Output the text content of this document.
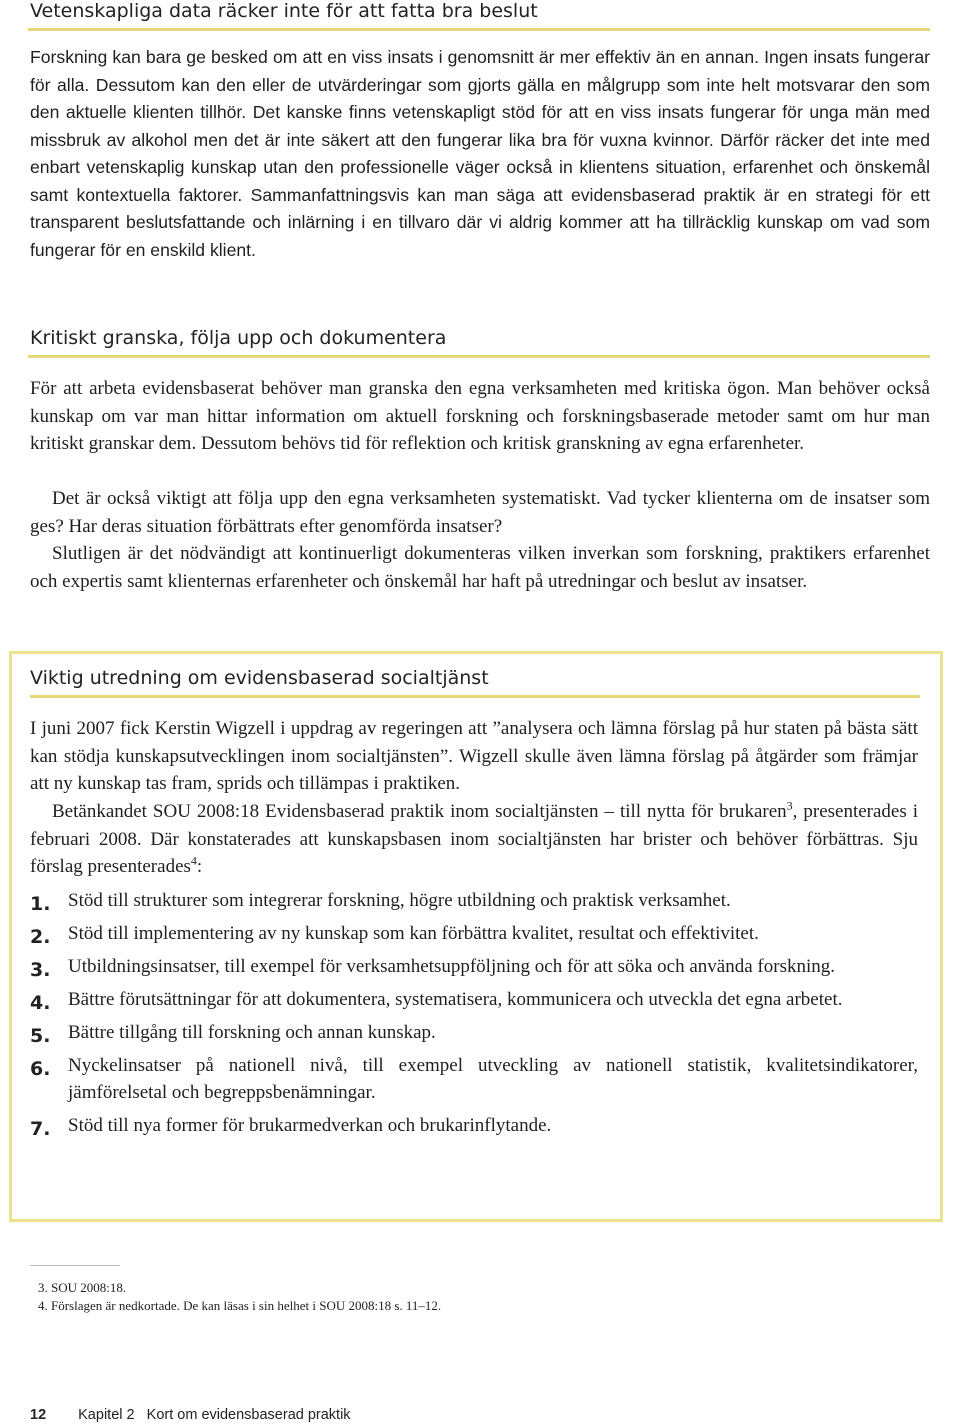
Vetenskapliga data räcker inte för att fatta bra beslut

Forskning kan bara ge besked om att en viss insats i genomsnitt är mer effektiv än en annan. Ingen insats fungerar för alla. Dessutom kan den eller de utvärderingar som gjorts gälla en målgrupp som inte helt motsvarar den som den aktuelle klienten tillhör. Det kanske finns vetenskapligt stöd för att en viss insats fungerar för unga män med missbruk av alkohol men det är inte säkert att den fungerar lika bra för vuxna kvinnor. Därför räcker det inte med enbart vetenskaplig kunskap utan den professionelle väger också in klientens situation, erfarenhet och önskemål samt kontextuella faktorer. Sammanfattningsvis kan man säga att evidensbaserad praktik är en strategi för ett transparent beslutsfattande och inlärning i en tillvaro där vi aldrig kommer att ha tillräcklig kunskap om vad som fungerar för en enskild klient.

Kritiskt granska, följa upp och dokumentera

För att arbeta evidensbaserat behöver man granska den egna verksamheten med kritiska ögon. Man behöver också kunskap om var man hittar information om aktuell forskning och forskningsbaserade metoder samt om hur man kritiskt granskar dem. Dessutom behövs tid för reflektion och kritisk granskning av egna erfarenheter.

Det är också viktigt att följa upp den egna verksamheten systematiskt. Vad tycker klienterna om de insatser som ges? Har deras situation förbättrats efter genomförda insatser?

Slutligen är det nödvändigt att kontinuerligt dokumenteras vilken inverkan som forskning, praktikers erfarenhet och expertis samt klienternas erfarenheter och önskemål har haft på utredningar och beslut av insatser.

Viktig utredning om evidensbaserad socialtjänst

I juni 2007 fick Kerstin Wigzell i uppdrag av regeringen att ”analysera och lämna förslag på hur staten på bästa sätt kan stödja kunskapsutvecklingen inom socialtjänsten”. Wigzell skulle även lämna förslag på åtgärder som främjar att ny kunskap tas fram, sprids och tillämpas i praktiken.

Betänkandet SOU 2008:18 Evidensbaserad praktik inom socialtjänsten – till nytta för brukaren$^3$, presenterades i februari 2008. Där konstaterades att kunskapsbasen inom socialtjänsten har brister och behöver förbättras. Sju förslag presenterades$^4$:

1. Stöd till strukturer som integrerar forskning, högre utbildning och praktisk verksamhet.
2. Stöd till implementering av ny kunskap som kan förbättra kvalitet, resultat och effektivitet.
3. Utbildningsinsatser, till exempel för verksamhetsuppföljning och för att söka och använda forskning.
4. Bättre förutsättningar för att dokumentera, systematisera, kommunicera och utveckla det egna arbetet.
5. Bättre tillgång till forskning och annan kunskap.
6. Nyckelinsatser på nationell nivå, till exempel utveckling av nationell statistik, kvalitetsindikatorer, jämförelsetal och begreppsbenämningar.
7. Stöd till nya former för brukarmedverkan och brukarinflytande.
3. SOU 2008:18.
4. Förslagen är nedkortade. De kan läsas i sin helhet i SOU 2008:18 s. 11–12.
12 Kapitel 2   Kort om evidensbaserad praktik
